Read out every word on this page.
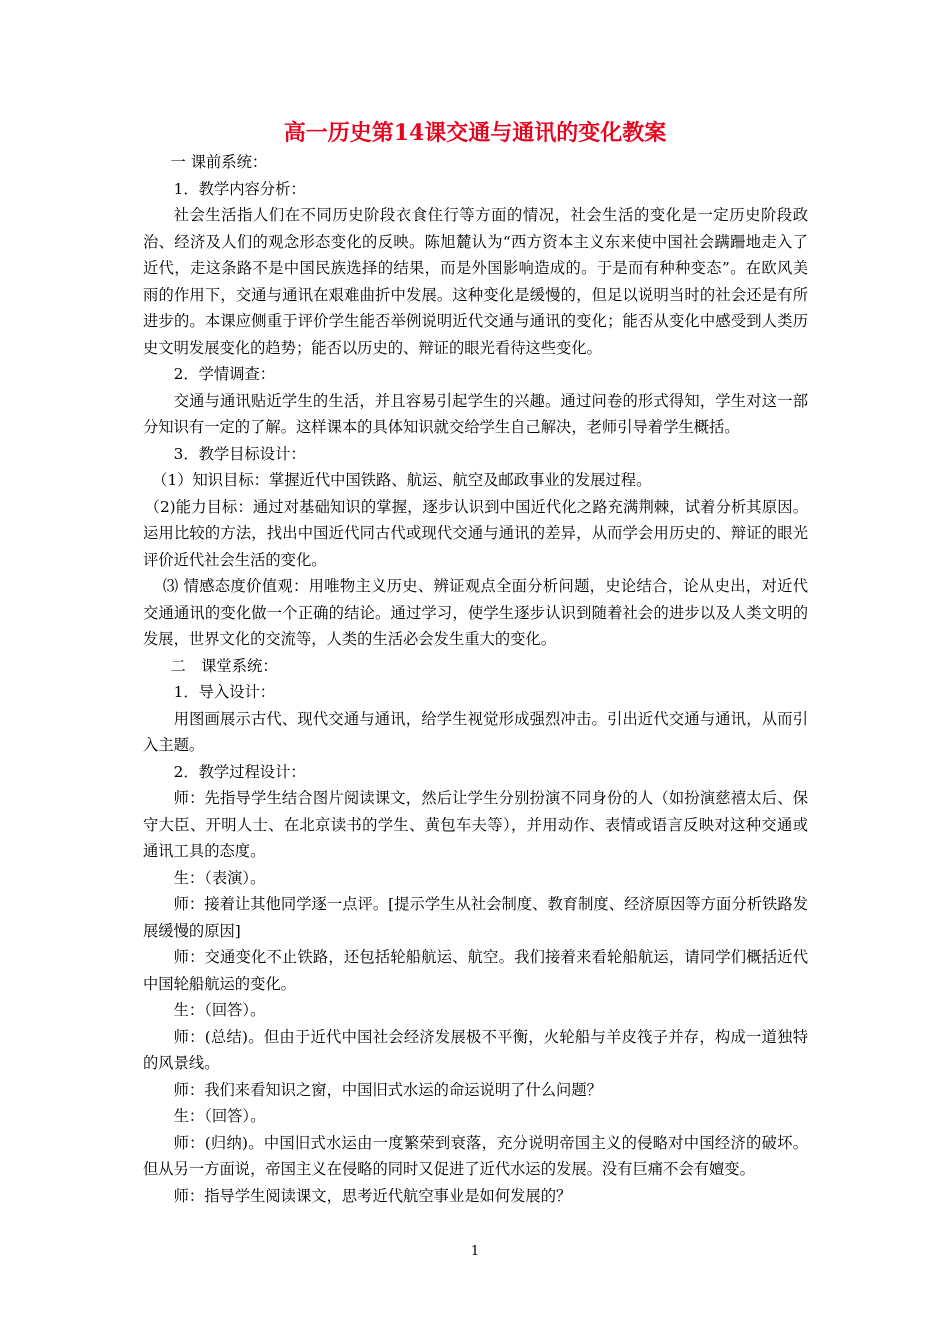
高一历史第14课交通与通讯的变化教案

一 课前系统：

1．教学内容分析：

社会生活指人们在不同历史阶段衣食住行等方面的情况，社会生活的变化是一定历史阶段政治、经济及人们的观念形态变化的反映。陈旭麓认为“西方资本主义东来使中国社会蹒跚地走入了近代，走这条路不是中国民族选择的结果，而是外国影响造成的。于是而有种种变态”。在欧风美雨的作用下，交通与通讯在艰难曲折中发展。这种变化是缓慢的，但足以说明当时的社会还是有所进步的。本课应侧重于评价学生能否举例说明近代交通与通讯的变化；能否从变化中感受到人类历史文明发展变化的趋势；能否以历史的、辩证的眼光看待这些变化。

2．学情调查：

交通与通讯贴近学生的生活，并且容易引起学生的兴趣。通过问卷的形式得知，学生对这一部分知识有一定的了解。这样课本的具体知识就交给学生自己解决，老师引导着学生概括。

3．教学目标设计：

（1）知识目标：掌握近代中国铁路、航运、航空及邮政事业的发展过程。

（2)能力目标：通过对基础知识的掌握，逐步认识到中国近代化之路充满荆棘，试着分析其原因。运用比较的方法，找出中国近代同古代或现代交通与通讯的差异，从而学会用历史的、辩证的眼光评价近代社会生活的变化。

⑶ 情感态度价值观：用唯物主义历史、辨证观点全面分析问题，史论结合，论从史出，对近代交通通讯的变化做一个正确的结论。通过学习，使学生逐步认识到随着社会的进步以及人类文明的发展，世界文化的交流等，人类的生活必会发生重大的变化。

二　课堂系统：

1．导入设计：

用图画展示古代、现代交通与通讯，给学生视觉形成强烈冲击。引出近代交通与通讯，从而引入主题。

2．教学过程设计：

师：先指导学生结合图片阅读课文，然后让学生分别扮演不同身份的人（如扮演慈禧太后、保守大臣、开明人士、在北京读书的学生、黄包车夫等），并用动作、表情或语言反映对这种交通或通讯工具的态度。

生：（表演）。

师：接着让其他同学逐一点评。[提示学生从社会制度、教育制度、经济原因等方面分析铁路发展缓慢的原因]

师：交通变化不止铁路，还包括轮船航运、航空。我们接着来看轮船航运，请同学们概括近代中国轮船航运的变化。

生：（回答）。

师：(总结)。但由于近代中国社会经济发展极不平衡，火轮船与羊皮筏子并存，构成一道独特的风景线。

师：我们来看知识之窗，中国旧式水运的命运说明了什么问题？

生：（回答）。

师：(归纳)。中国旧式水运由一度繁荣到衰落，充分说明帝国主义的侵略对中国经济的破坏。但从另一方面说，帝国主义在侵略的同时又促进了近代水运的发展。没有巨痛不会有嬗变。

师：指导学生阅读课文，思考近代航空事业是如何发展的？

1
